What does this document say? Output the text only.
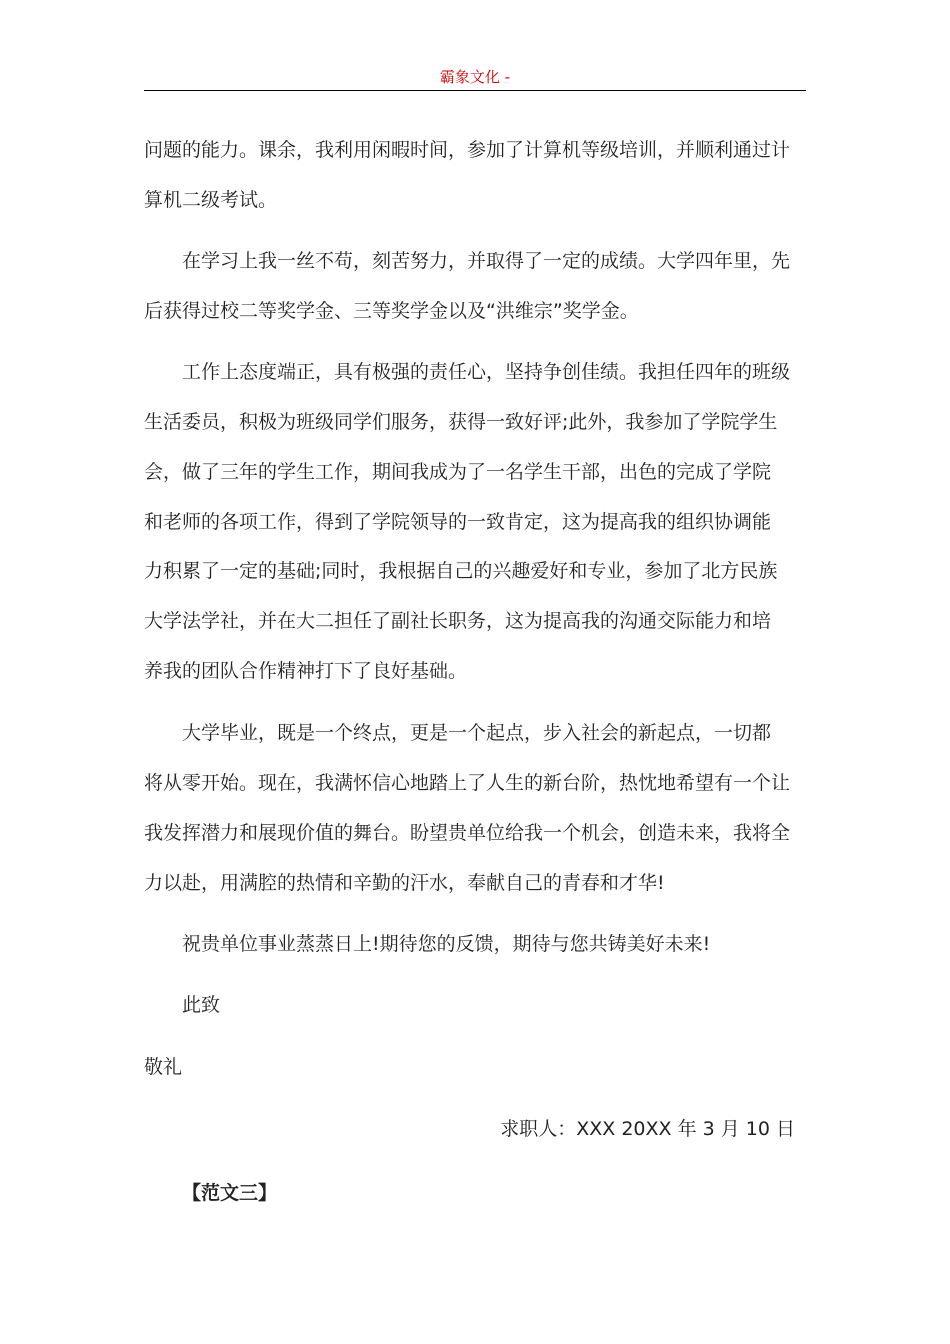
霸象文化 -
问题的能力。课余，我利用闲暇时间，参加了计算机等级培训，并顺利通过计
算机二级考试。
在学习上我一丝不苟，刻苦努力，并取得了一定的成绩。大学四年里，先
后获得过校二等奖学金、三等奖学金以及“洪维宗”奖学金。
工作上态度端正，具有极强的责任心，坚持争创佳绩。我担任四年的班级
生活委员，积极为班级同学们服务，获得一致好评;此外，我参加了学院学生
会，做了三年的学生工作，期间我成为了一名学生干部，出色的完成了学院
和老师的各项工作，得到了学院领导的一致肯定，这为提高我的组织协调能
力积累了一定的基础;同时，我根据自己的兴趣爱好和专业，参加了北方民族
大学法学社，并在大二担任了副社长职务，这为提高我的沟通交际能力和培
养我的团队合作精神打下了良好基础。
大学毕业，既是一个终点，更是一个起点，步入社会的新起点，一切都
将从零开始。现在，我满怀信心地踏上了人生的新台阶，热忱地希望有一个让
我发挥潜力和展现价值的舞台。盼望贵单位给我一个机会，创造未来，我将全
力以赴，用满腔的热情和辛勤的汗水，奉献自己的青春和才华!
祝贵单位事业蒸蒸日上!期待您的反馈，期待与您共铸美好未来!
此致
敬礼
求职人：XXX 20XX 年 3 月 10 日
【范文三】
